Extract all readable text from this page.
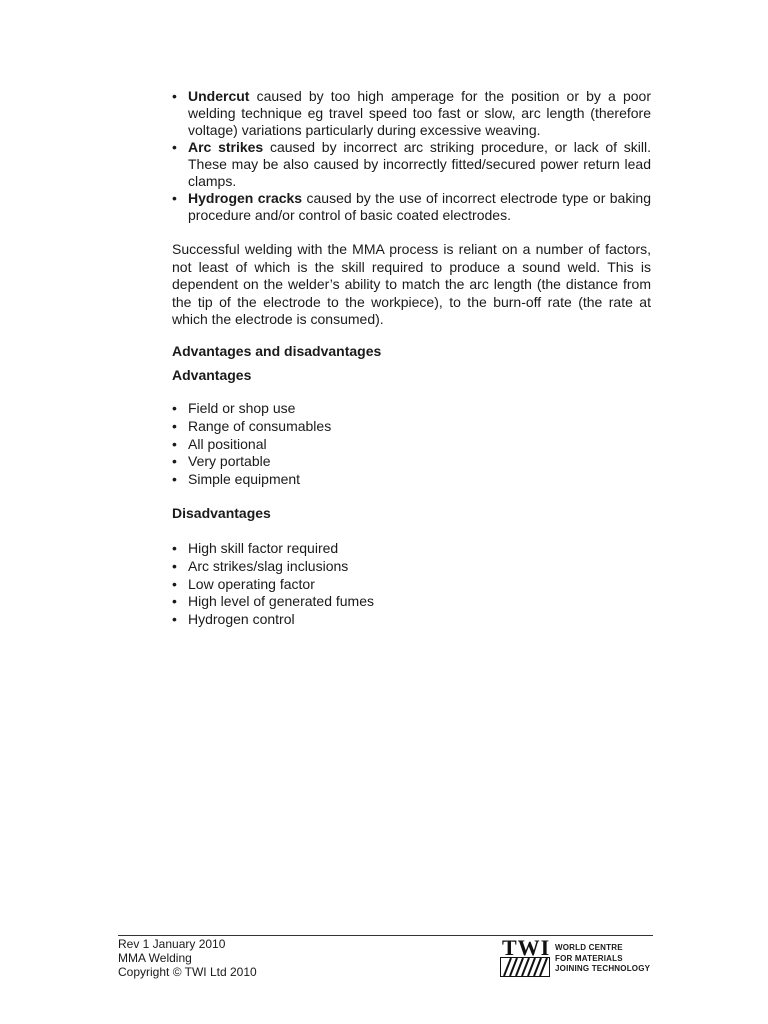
• Undercut caused by too high amperage for the position or by a poor welding technique eg travel speed too fast or slow, arc length (therefore voltage) variations particularly during excessive weaving.
• Arc strikes caused by incorrect arc striking procedure, or lack of skill. These may be also caused by incorrectly fitted/secured power return lead clamps.
• Hydrogen cracks caused by the use of incorrect electrode type or baking procedure and/or control of basic coated electrodes.

Successful welding with the MMA process is reliant on a number of factors, not least of which is the skill required to produce a sound weld. This is dependent on the welder’s ability to match the arc length (the distance from the tip of the electrode to the workpiece), to the burn-off rate (the rate at which the electrode is consumed).

Advantages and disadvantages
Advantages
• Field or shop use
• Range of consumables
• All positional
• Very portable
• Simple equipment
Disadvantages
• High skill factor required
• Arc strikes/slag inclusions
• Low operating factor
• High level of generated fumes
• Hydrogen control
Rev 1 January 2010
MMA Welding
Copyright © TWI Ltd 2010
TWI WORLD CENTRE
FOR MATERIALS
JOINING TECHNOLOGY
